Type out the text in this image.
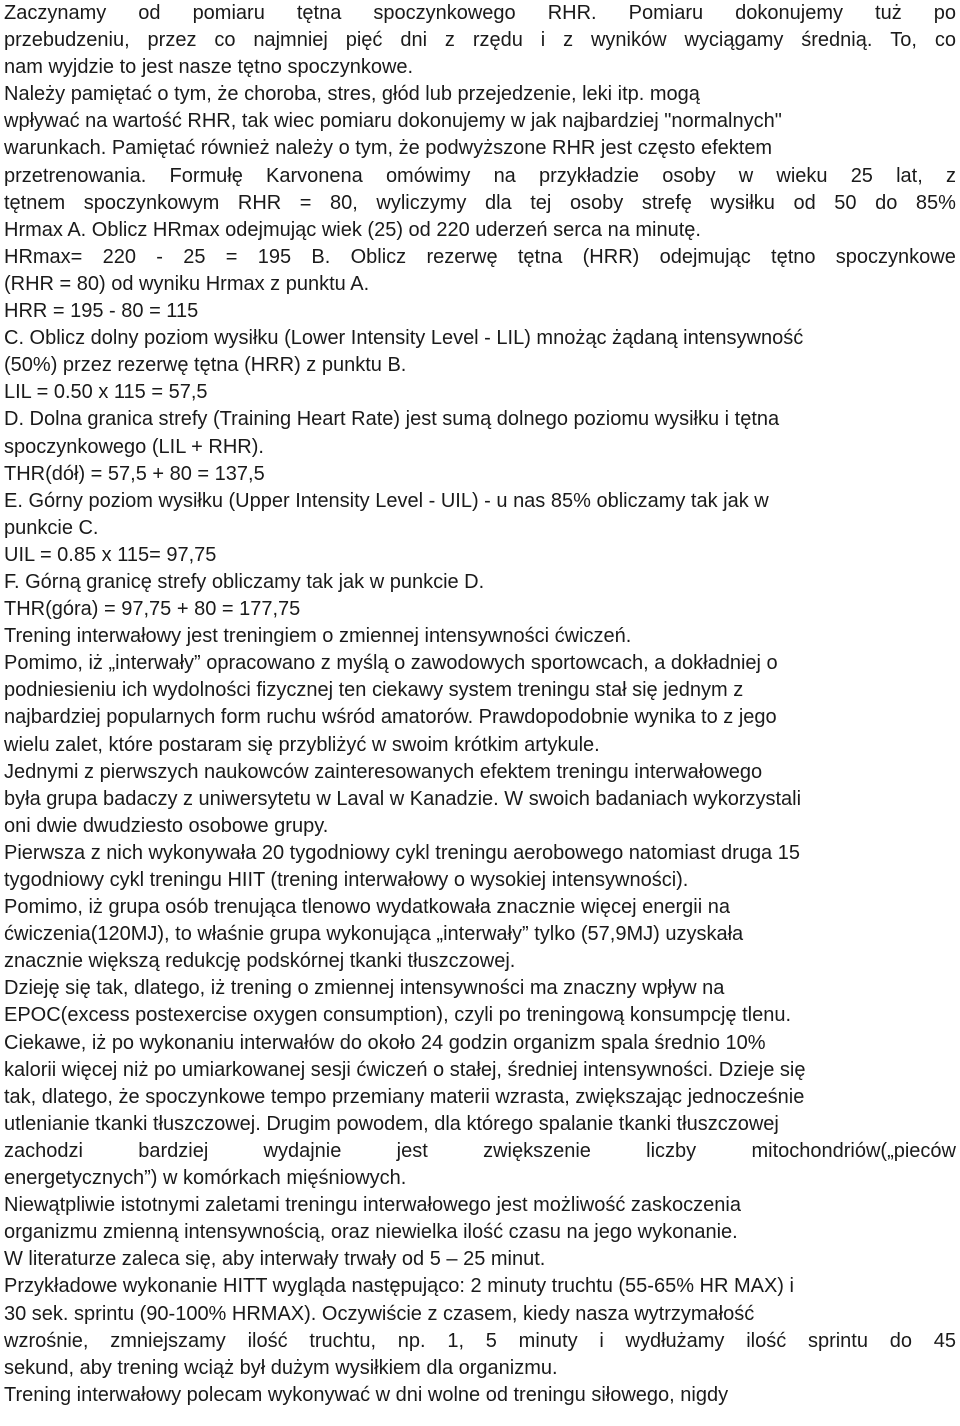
Zaczynamy od pomiaru tętna spoczynkowego RHR. Pomiaru dokonujemy tuż po
przebudzeniu, przez co najmniej pięć dni z rzędu i z wyników wyciągamy średnią. To, co
nam wyjdzie to jest nasze tętno spoczynkowe.
Należy pamiętać o tym, że choroba, stres, głód lub przejedzenie, leki itp. mogą
wpływać na wartość RHR, tak wiec pomiaru dokonujemy w jak najbardziej "normalnych"
warunkach. Pamiętać również należy o tym, że podwyższone RHR jest często efektem
przetrenowania. Formułę Karvonena omówimy na przykładzie osoby w wieku 25 lat, z
tętnem spoczynkowym RHR = 80, wyliczymy dla tej osoby strefę wysiłku od 50 do 85%
Hrmax A. Oblicz HRmax odejmując wiek (25) od 220 uderzeń serca na minutę.
HRmax= 220 - 25 = 195 B. Oblicz rezerwę tętna (HRR) odejmując tętno spoczynkowe
(RHR = 80) od wyniku Hrmax z punktu A.
HRR = 195 - 80 = 115
C. Oblicz dolny poziom wysiłku (Lower Intensity Level - LIL) mnożąc żądaną intensywność
(50%) przez rezerwę tętna (HRR) z punktu B.
LIL = 0.50 x 115 = 57,5
D. Dolna granica strefy (Training Heart Rate) jest sumą dolnego poziomu wysiłku i tętna
spoczynkowego (LIL + RHR).
THR(dół) = 57,5 + 80 = 137,5
E. Górny poziom wysiłku (Upper Intensity Level - UIL) - u nas 85% obliczamy tak jak w
punkcie C.
UIL = 0.85 x 115= 97,75
F. Górną granicę strefy obliczamy tak jak w punkcie D.
THR(góra) = 97,75 + 80 = 177,75
Trening interwałowy jest treningiem o zmiennej intensywności ćwiczeń.
Pomimo, iż „interwały” opracowano z myślą o zawodowych sportowcach, a dokładniej o
podniesieniu ich wydolności fizycznej ten ciekawy system treningu stał się jednym z
najbardziej popularnych form ruchu wśród amatorów. Prawdopodobnie wynika to z jego
wielu zalet, które postaram się przybliżyć w swoim krótkim artykule.
Jednymi z pierwszych naukowców zainteresowanych efektem treningu interwałowego
była grupa badaczy z uniwersytetu w Laval w Kanadzie. W swoich badaniach wykorzystali
oni dwie dwudziesto osobowe grupy.
Pierwsza z nich wykonywała 20 tygodniowy cykl treningu aerobowego natomiast druga 15
tygodniowy cykl treningu HIIT (trening interwałowy o wysokiej intensywności).
Pomimo, iż grupa osób trenująca tlenowo wydatkowała znacznie więcej energii na
ćwiczenia(120MJ), to właśnie grupa wykonująca „interwały” tylko (57,9MJ) uzyskała
znacznie większą redukcję podskórnej tkanki tłuszczowej.
Dzieję się tak, dlatego, iż trening o zmiennej intensywności ma znaczny wpływ na
EPOC(excess postexercise oxygen consumption), czyli po treningową konsumpcję tlenu.
Ciekawe, iż po wykonaniu interwałów do około 24 godzin organizm spala średnio 10%
kalorii więcej niż po umiarkowanej sesji ćwiczeń o stałej, średniej intensywności. Dzieje się
tak, dlatego, że spoczynkowe tempo przemiany materii wzrasta, zwiększając jednocześnie
utlenianie tkanki tłuszczowej. Drugim powodem, dla którego spalanie tkanki tłuszczowej
zachodzi	bardziej	wydajnie	jest	zwiększenie	liczby	mitochondriów(„pieców
energetycznych”) w komórkach mięśniowych.
Niewątpliwie istotnymi zaletami treningu interwałowego jest możliwość zaskoczenia
organizmu zmienną intensywnością, oraz niewielka ilość czasu na jego wykonanie.
W literaturze zaleca się, aby interwały trwały od 5 – 25 minut.
Przykładowe wykonanie HITT wygląda następująco: 2 minuty truchtu (55-65% HR MAX) i
30 sek. sprintu (90-100% HRMAX). Oczywiście z czasem, kiedy nasza wytrzymałość
wzrośnie, zmniejszamy ilość truchtu, np. 1, 5 minuty i wydłużamy ilość sprintu do 45
sekund, aby trening wciąż był dużym wysiłkiem dla organizmu.
Trening interwałowy polecam wykonywać w dni wolne od treningu siłowego, nigdy
